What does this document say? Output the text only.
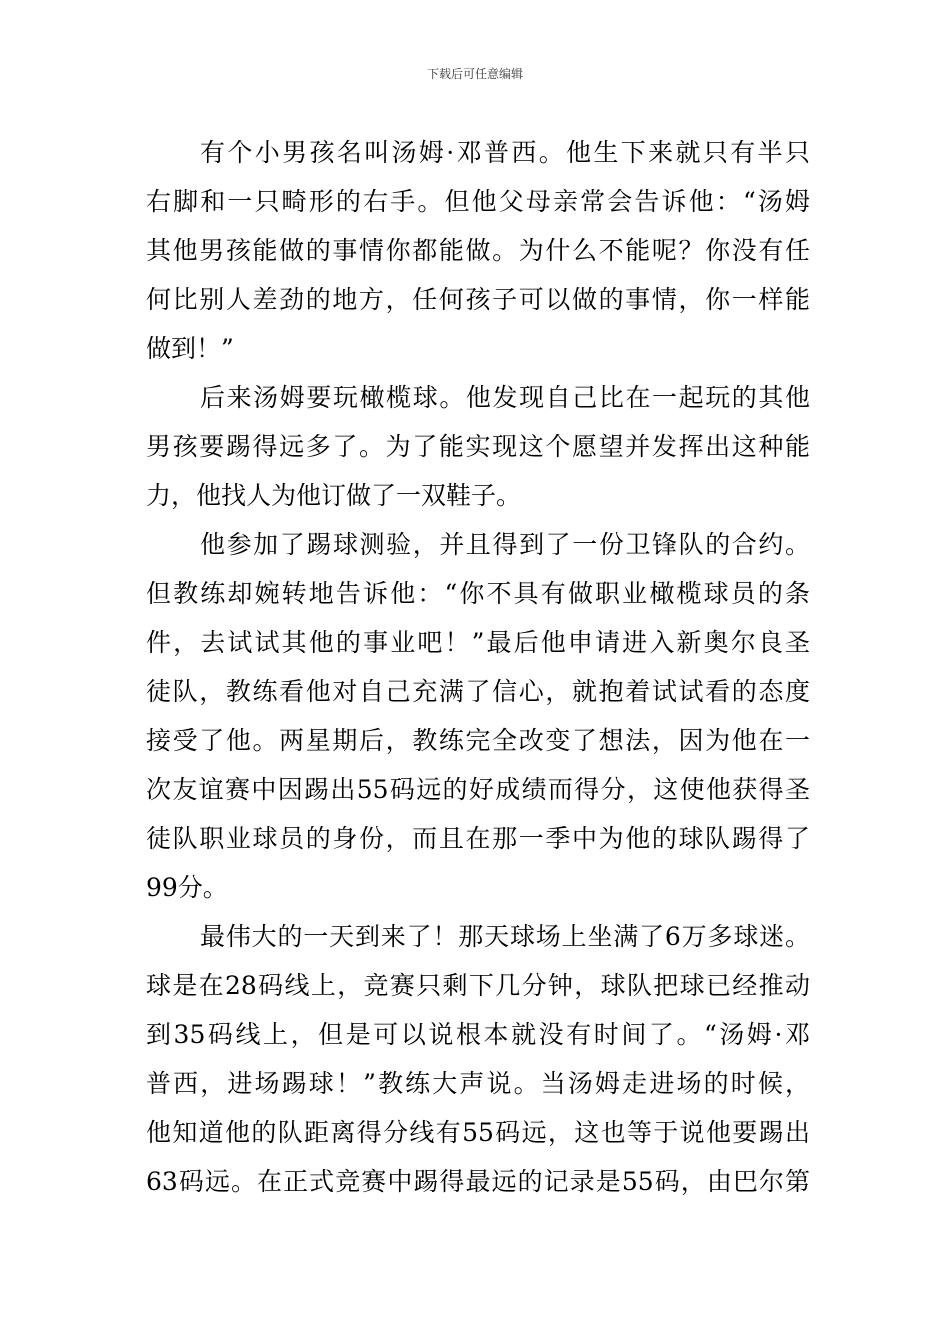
下载后可任意编辑
有个小男孩名叫汤姆·邓普西。他生下来就只有半只
右脚和一只畸形的右手。但他父母亲常会告诉他：“汤姆
其他男孩能做的事情你都能做。为什么不能呢？你没有任
何比别人差劲的地方，任何孩子可以做的事情，你一样能
做到！”
后来汤姆要玩橄榄球。他发现自己比在一起玩的其他
男孩要踢得远多了。为了能实现这个愿望并发挥出这种能
力，他找人为他订做了一双鞋子。
他参加了踢球测验，并且得到了一份卫锋队的合约。
但教练却婉转地告诉他：“你不具有做职业橄榄球员的条
件，去试试其他的事业吧！”最后他申请进入新奥尔良圣
徒队，教练看他对自己充满了信心，就抱着试试看的态度
接受了他。两星期后，教练完全改变了想法，因为他在一
次友谊赛中因踢出55码远的好成绩而得分，这使他获得圣
徒队职业球员的身份，而且在那一季中为他的球队踢得了
99分。
最伟大的一天到来了！那天球场上坐满了6万多球迷。
球是在28码线上，竞赛只剩下几分钟，球队把球已经推动
到35码线上，但是可以说根本就没有时间了。“汤姆·邓
普西，进场踢球！”教练大声说。当汤姆走进场的时候，
他知道他的队距离得分线有55码远，这也等于说他要踢出
63码远。在正式竞赛中踢得最远的记录是55码，由巴尔第
